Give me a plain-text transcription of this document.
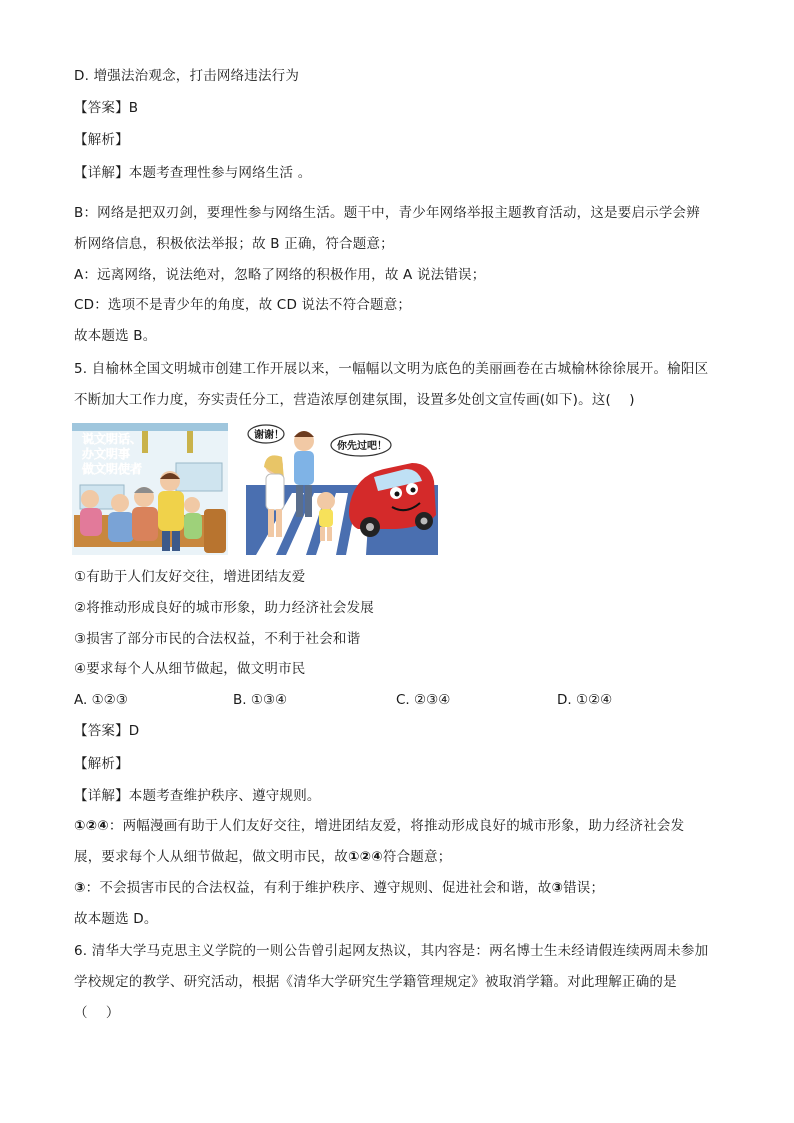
D. 增强法治观念，打击网络违法行为
【答案】B
【解析】
【详解】本题考查理性参与网络生活 。
B：网络是把双刃剑，要理性参与网络生活。题干中，青少年网络举报主题教育活动，这是要启示学会辨
析网络信息，积极依法举报；故 B 正确，符合题意；
A：远离网络，说法绝对，忽略了网络的积极作用，故 A 说法错误；
CD：选项不是青少年的角度，故 CD 说法不符合题意；
故本题选 B。
5. 自榆林全国文明城市创建工作开展以来，一幅幅以文明为底色的美丽画卷在古城榆林徐徐展开。榆阳区
不断加大工作力度，夯实责任分工，营造浓厚创建氛围，设置多处创文宣传画(如下)。这(　 )
说文明话、
办文明事
做文明使者
谢谢！
你先过吧！
①有助于人们友好交往，增进团结友爱
②将推动形成良好的城市形象，助力经济社会发展
③损害了部分市民的合法权益，不利于社会和谐
④要求每个人从细节做起，做文明市民
A. ①②③	B. ①③④	C. ②③④	D. ①②④
【答案】D
【解析】
【详解】本题考查维护秩序、遵守规则。
①②④：两幅漫画有助于人们友好交往，增进团结友爱，将推动形成良好的城市形象，助力经济社会发
展，要求每个人从细节做起，做文明市民，故①②④符合题意；
③：不会损害市民的合法权益，有利于维护秩序、遵守规则、促进社会和谐，故③错误；
故本题选 D。
6. 清华大学马克思主义学院的一则公告曾引起网友热议，其内容是：两名博士生未经请假连续两周未参加
学校规定的教学、研究活动，根据《清华大学研究生学籍管理规定》被取消学籍。对此理解正确的是
（　 ）
